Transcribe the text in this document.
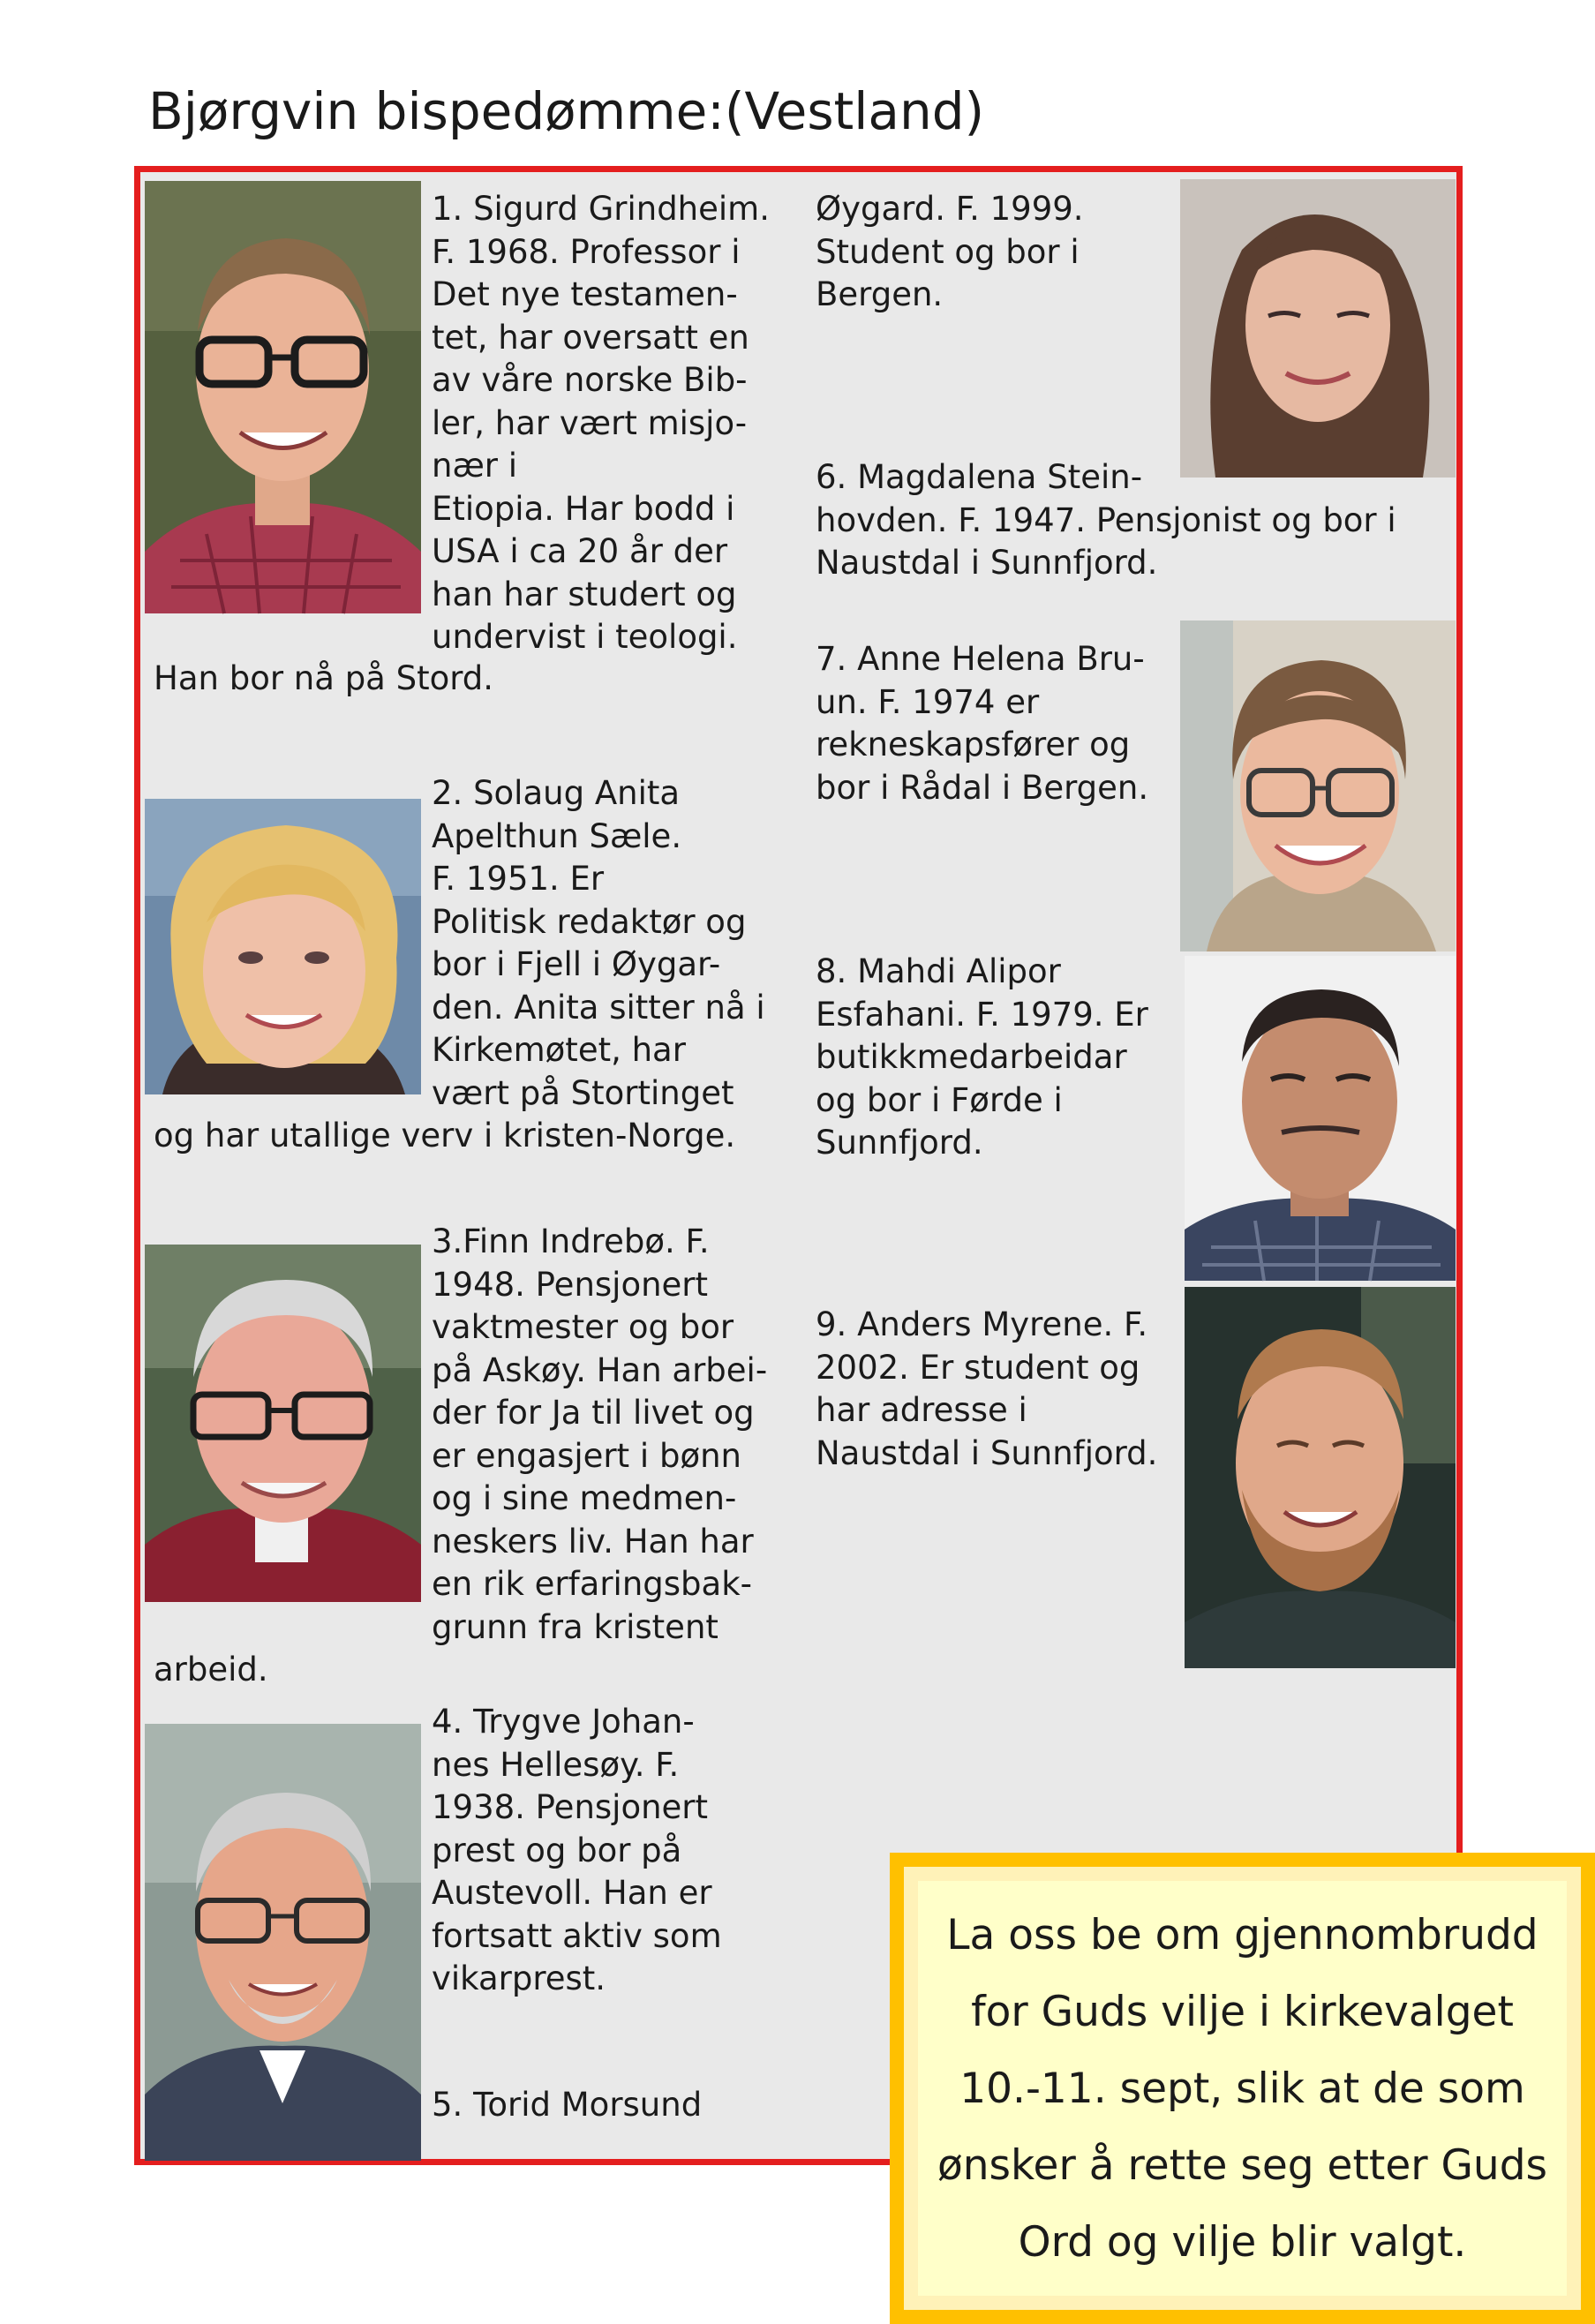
Bjørgvin bispedømme:(Vestland)
1. Sigurd Grindheim.
F. 1968. Professor i
Det nye testamen-
tet, har oversatt en
av våre norske Bib-
ler, har vært misjo-
nær i
Etiopia. Har bodd i
USA i ca 20 år der
han har studert og
undervist i teologi.
Han bor nå på Stord.
2. Solaug Anita
Apelthun Sæle.
F. 1951. Er
Politisk redaktør og
bor i Fjell i Øygar-
den. Anita sitter nå i
Kirkemøtet, har
vært på Stortinget
og har utallige verv i kristen-Norge.
3.Finn Indrebø. F.
1948. Pensjonert
vaktmester og bor
på Askøy. Han arbei-
der for Ja til livet og
er engasjert i bønn
og i sine medmen-
neskers liv. Han har
en rik erfaringsbak-
grunn fra kristent
arbeid.
4. Trygve Johan-
nes Hellesøy. F.
1938. Pensjonert
prest og bor på
Austevoll. Han er
fortsatt aktiv som
vikarprest.
5. Torid Morsund
Øygard. F. 1999.
Student og bor i
Bergen.
6. Magdalena Stein-
hovden. F. 1947. Pensjonist og bor i
Naustdal i Sunnfjord.
7. Anne Helena Bru-
un. F. 1974 er
rekneskapsfører og
bor i Rådal i Bergen.
8. Mahdi Alipor
Esfahani. F. 1979. Er
butikkmedarbeidar
og bor i Førde i
Sunnfjord.
9. Anders Myrene. F.
2002. Er student og
har adresse i
Naustdal i Sunnfjord.
La oss be om gjennombrudd
for Guds vilje i kirkevalget
10.-11. sept, slik at de som
ønsker å rette seg etter Guds
Ord og vilje blir valgt.
